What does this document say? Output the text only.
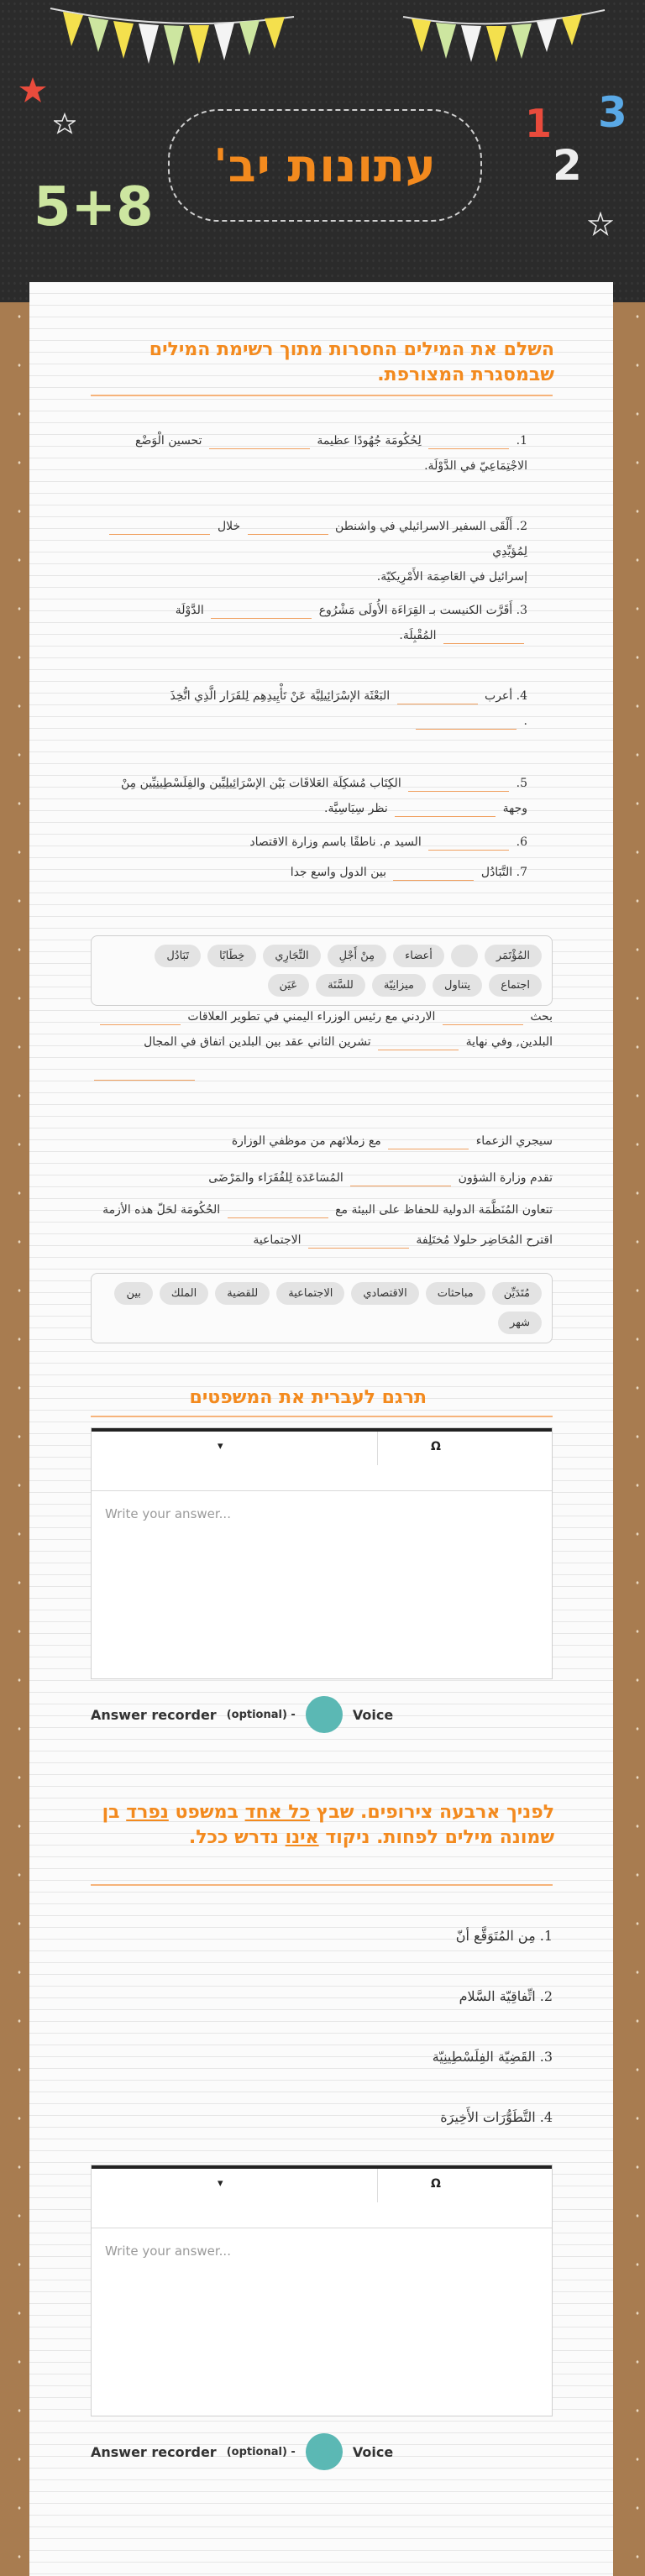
1
2
3
5+8
עתונות יב'
השלם את המילים החסרות מתוך רשימת המילים שבמסגרת המצורפת.
1.  لِحُكُومَة جُهُودًا عظيمة  تحسين الْوَضْع
الاجْتِمَاعِيّ في الدَّوْلَة.
2. أَلْقَى السفير الاسرائيلي في واشنطن  خلال  لِمُؤيِّدِي
إسرائيل في العَاصِمَة الأَمْرِيكيّة.
3. أَقَرَّت الكنيست بـ القِرَاءَة الأُولَى مَشْرُوع  الدَّوْلَة
المُقْبِلَة.
4. أعرب  البَعْثَة الإسْرَائِيلِيَّة عَنْ تَأْيِيدِهِم لِلقَرَار الَّذِي اتُّخِذَ
.
5.  الكِتَاب مُشكِلَة العَلاقَات بَيْن الإسْرَائِيلِيِّين والفِلَسْطِينِيِّين مِنْ
وجهة  نظر سِيَاسِيَّة.
6.  السيد م. ناطقًا باسم وزارة الاقتصاد
7. التَّبَادُل  بين الدول واسع جدا
المُؤْتَمَر
أعضاء
مِنْ أَجْلِ
التِّجَارِي
خِطَابًا
تَبَادُل
اجتماع
يتناول
ميزانِيّة
للسَّنَة
عَيَن
بحث  الاردني مع رئيس الوزراء اليمني في تطوير العلاقات
البلدين, وفي نهاية  تشرين الثاني عقد بين البلدين اتفاق في المجال
سيجري الزعماء  مع زملائهم من موظفي الوزارة
تقدم وزارة الشؤون  المُسَاعَدَة لِلفُقَرَاء والمَرْضَى
تتعاون المُنَظَّمَة الدولية للحفاظ على البيئة مع  الحُكُومَة لحَلّ هذه الأزمة
اقترح المُحَاضِر حلولا مُختَلِفة  الاجتماعية
مُتَدَيِّن
مباحثات
الاقتصادي
الاجتماعية
للقضية
الملك
بين
شهر
תרגם לעברית את המשפטים
▾	Ω
Write your answer...
Answer recorder (optional) -	Voice
לפניך ארבעה צירופים. שבץ כל אחד במשפט נפרד בן שמונה מילים לפחות. ניקוד אינו נדרש ככל.
1. مِن المُتَوَقَّع أنّ
2. اتِّفاقِيّة السَّلام
3. القَضِيّة الفِلَسْطِينِيّة
4. التَّطَوُّرَات الأَخِيرَة
▾	Ω
Write your answer...
Answer recorder (optional) -	Voice
